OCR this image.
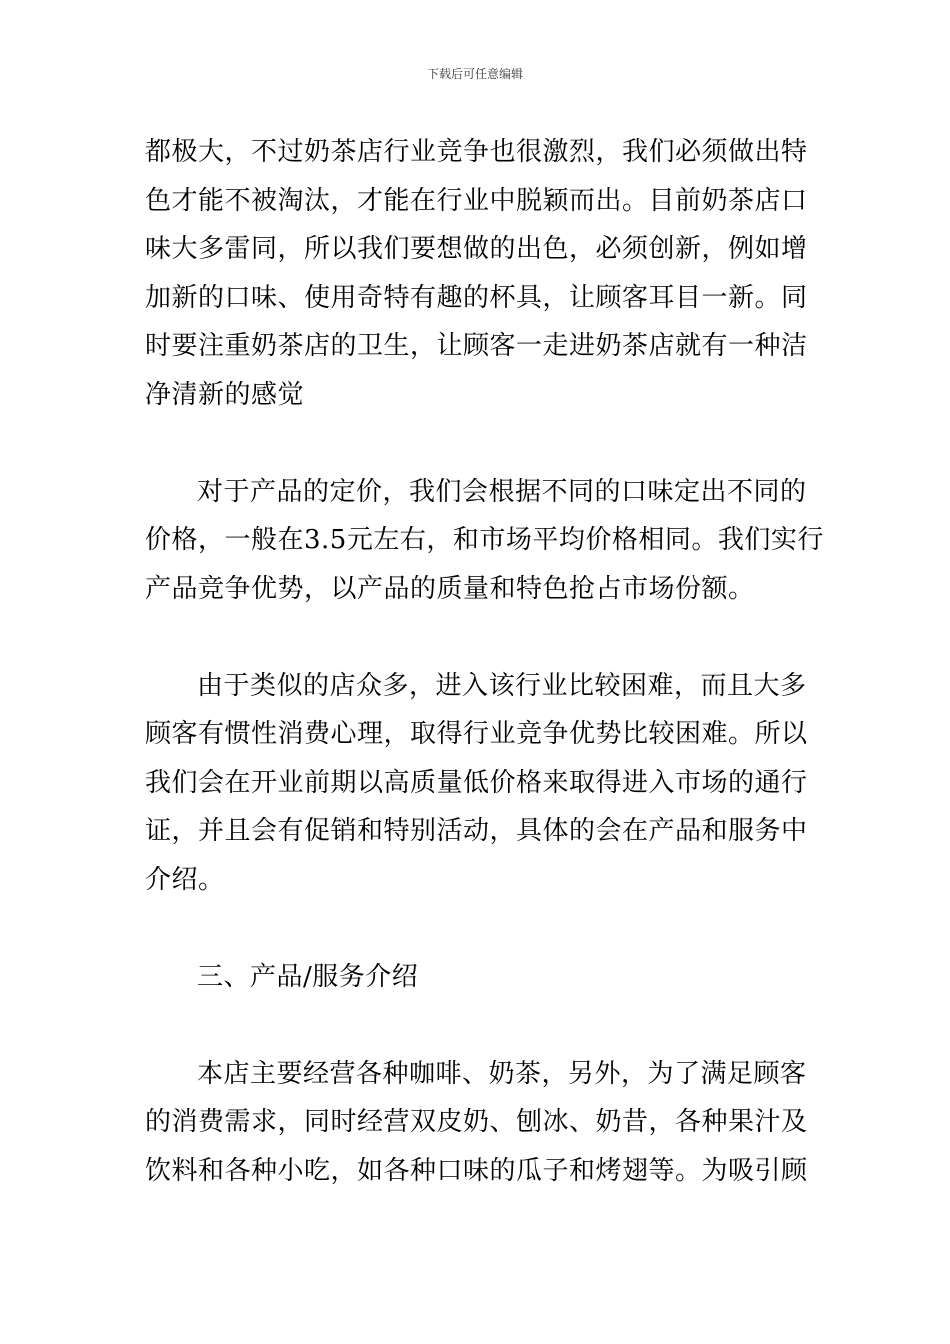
下载后可任意编辑
都极大，不过奶茶店行业竞争也很激烈，我们必须做出特
色才能不被淘汰，才能在行业中脱颖而出。目前奶茶店口
味大多雷同，所以我们要想做的出色，必须创新，例如增
加新的口味、使用奇特有趣的杯具，让顾客耳目一新。同
时要注重奶茶店的卫生，让顾客一走进奶茶店就有一种洁
净清新的感觉
对于产品的定价，我们会根据不同的口味定出不同的
价格，一般在3.5元左右，和市场平均价格相同。我们实行
产品竞争优势，以产品的质量和特色抢占市场份额。
由于类似的店众多，进入该行业比较困难，而且大多
顾客有惯性消费心理，取得行业竞争优势比较困难。所以
我们会在开业前期以高质量低价格来取得进入市场的通行
证，并且会有促销和特别活动，具体的会在产品和服务中
介绍。
三、产品/服务介绍
本店主要经营各种咖啡、奶茶，另外，为了满足顾客
的消费需求，同时经营双皮奶、刨冰、奶昔，各种果汁及
饮料和各种小吃，如各种口味的瓜子和烤翅等。为吸引顾
